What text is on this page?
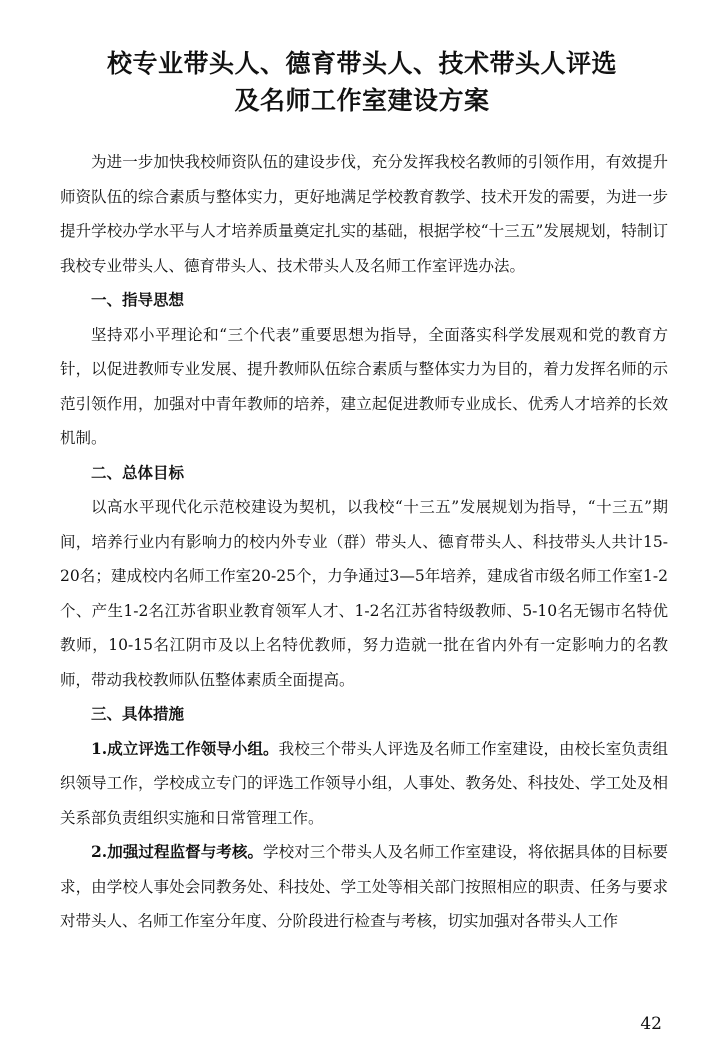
校专业带头人、德育带头人、技术带头人评选
及名师工作室建设方案

为进一步加快我校师资队伍的建设步伐，充分发挥我校名教师的引领作用，有效提升师资队伍的综合素质与整体实力，更好地满足学校教育教学、技术开发的需要，为进一步提升学校办学水平与人才培养质量奠定扎实的基础，根据学校“十三五”发展规划，特制订我校专业带头人、德育带头人、技术带头人及名师工作室评选办法。

一、指导思想

坚持邓小平理论和“三个代表”重要思想为指导，全面落实科学发展观和党的教育方针，以促进教师专业发展、提升教师队伍综合素质与整体实力为目的，着力发挥名师的示范引领作用，加强对中青年教师的培养，建立起促进教师专业成长、优秀人才培养的长效机制。

二、总体目标

以高水平现代化示范校建设为契机，以我校“十三五”发展规划为指导，“十三五”期间，培养行业内有影响力的校内外专业（群）带头人、德育带头人、科技带头人共计15-20名；建成校内名师工作室20-25个，力争通过3—5年培养，建成省市级名师工作室1-2个、产生1-2名江苏省职业教育领军人才、1-2名江苏省特级教师、5-10名无锡市名特优教师，10-15名江阴市及以上名特优教师，努力造就一批在省内外有一定影响力的名教师，带动我校教师队伍整体素质全面提高。

三、具体措施

1.成立评选工作领导小组。我校三个带头人评选及名师工作室建设，由校长室负责组织领导工作，学校成立专门的评选工作领导小组，人事处、教务处、科技处、学工处及相关系部负责组织实施和日常管理工作。

2.加强过程监督与考核。学校对三个带头人及名师工作室建设，将依据具体的目标要求，由学校人事处会同教务处、科技处、学工处等相关部门按照相应的职责、任务与要求对带头人、名师工作室分年度、分阶段进行检查与考核，切实加强对各带头人工作

42
